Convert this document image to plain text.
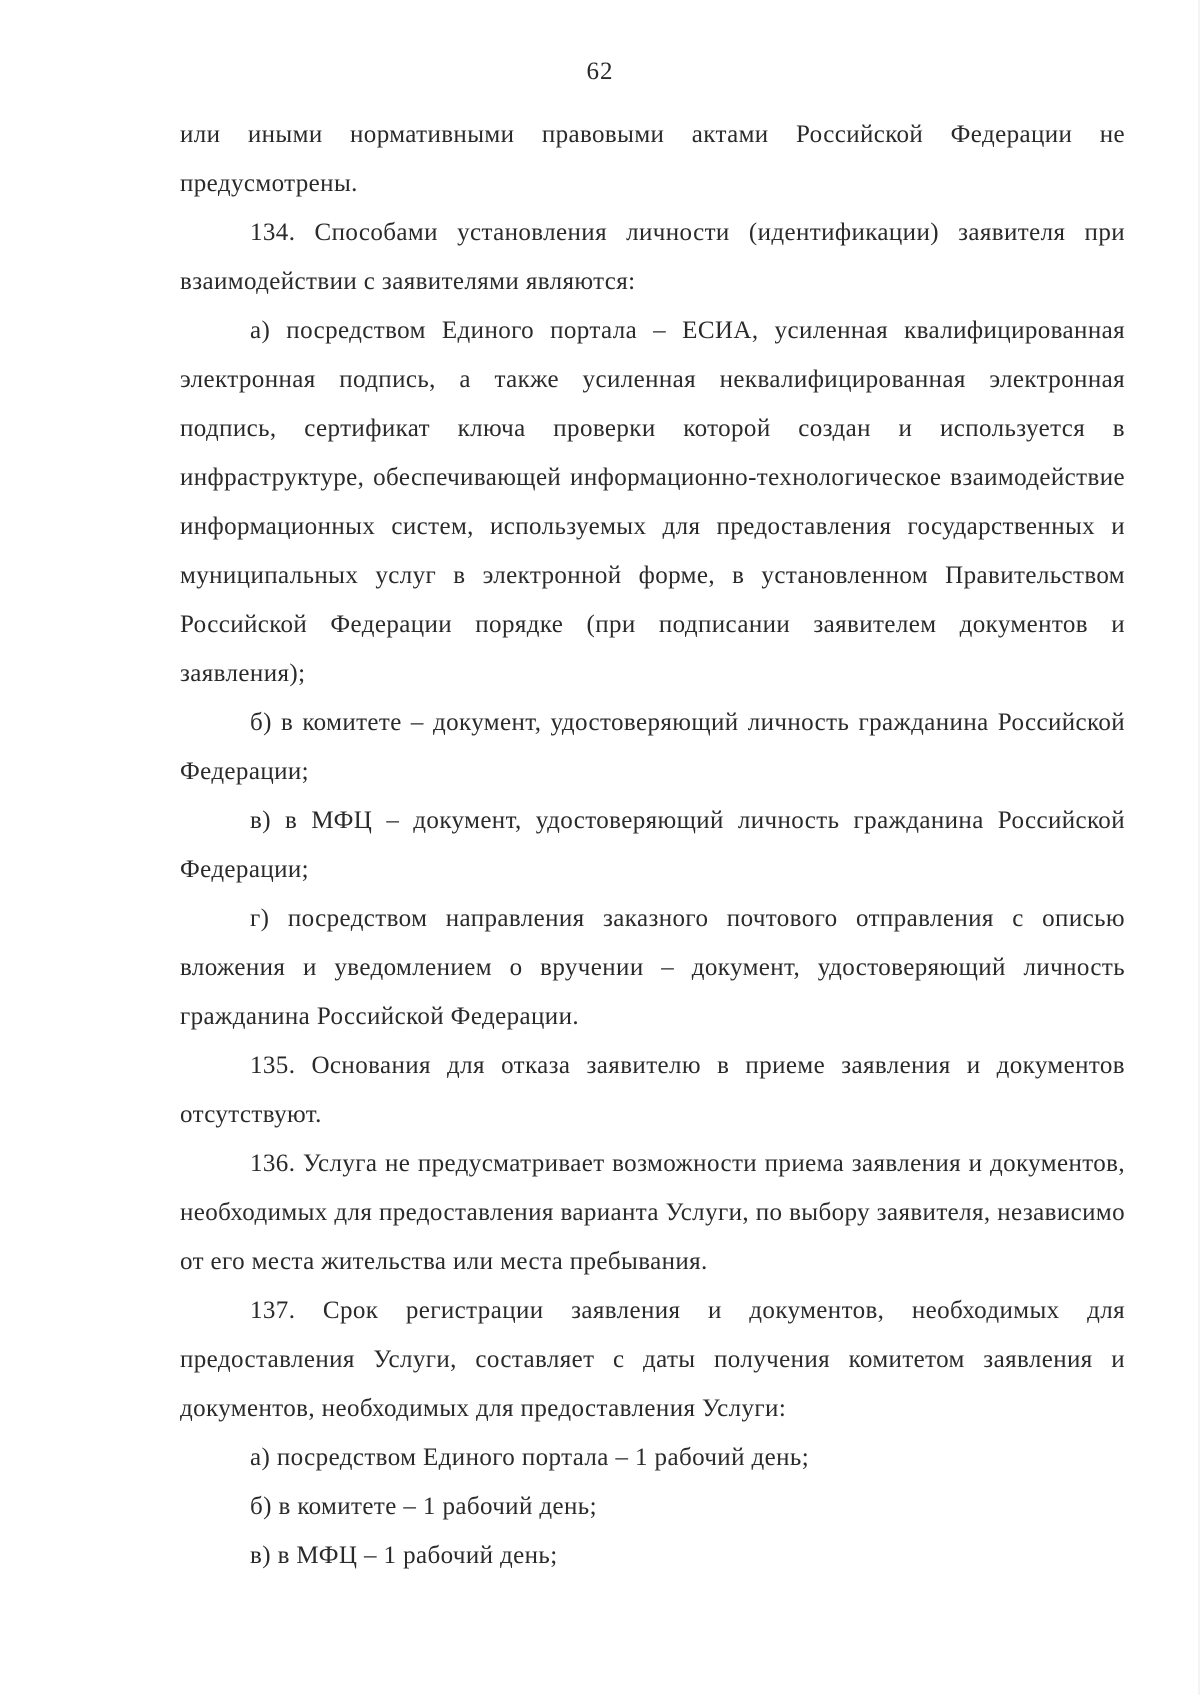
62

или иными нормативными правовыми актами Российской Федерации не предусмотрены.

134. Способами установления личности (идентификации) заявителя при взаимодействии с заявителями являются:

а) посредством Единого портала – ЕСИА, усиленная квалифицированная электронная подпись, а также усиленная неквалифицированная электронная подпись, сертификат ключа проверки которой создан и используется в инфраструктуре, обеспечивающей информационно-технологическое взаимодействие информационных систем, используемых для предоставления государственных и муниципальных услуг в электронной форме, в установленном Правительством Российской Федерации порядке (при подписании заявителем документов и заявления);

б) в комитете – документ, удостоверяющий личность гражданина Российской Федерации;

в) в МФЦ – документ, удостоверяющий личность гражданина Российской Федерации;

г) посредством направления заказного почтового отправления с описью вложения и уведомлением о вручении – документ, удостоверяющий личность гражданина Российской Федерации.

135. Основания для отказа заявителю в приеме заявления и документов отсутствуют.

136. Услуга не предусматривает возможности приема заявления и документов, необходимых для предоставления варианта Услуги, по выбору заявителя, независимо от его места жительства или места пребывания.

137. Срок регистрации заявления и документов, необходимых для предоставления Услуги, составляет с даты получения комитетом заявления и документов, необходимых для предоставления Услуги:

а) посредством Единого портала – 1 рабочий день;

б) в комитете – 1 рабочий день;

в) в МФЦ – 1 рабочий день;
